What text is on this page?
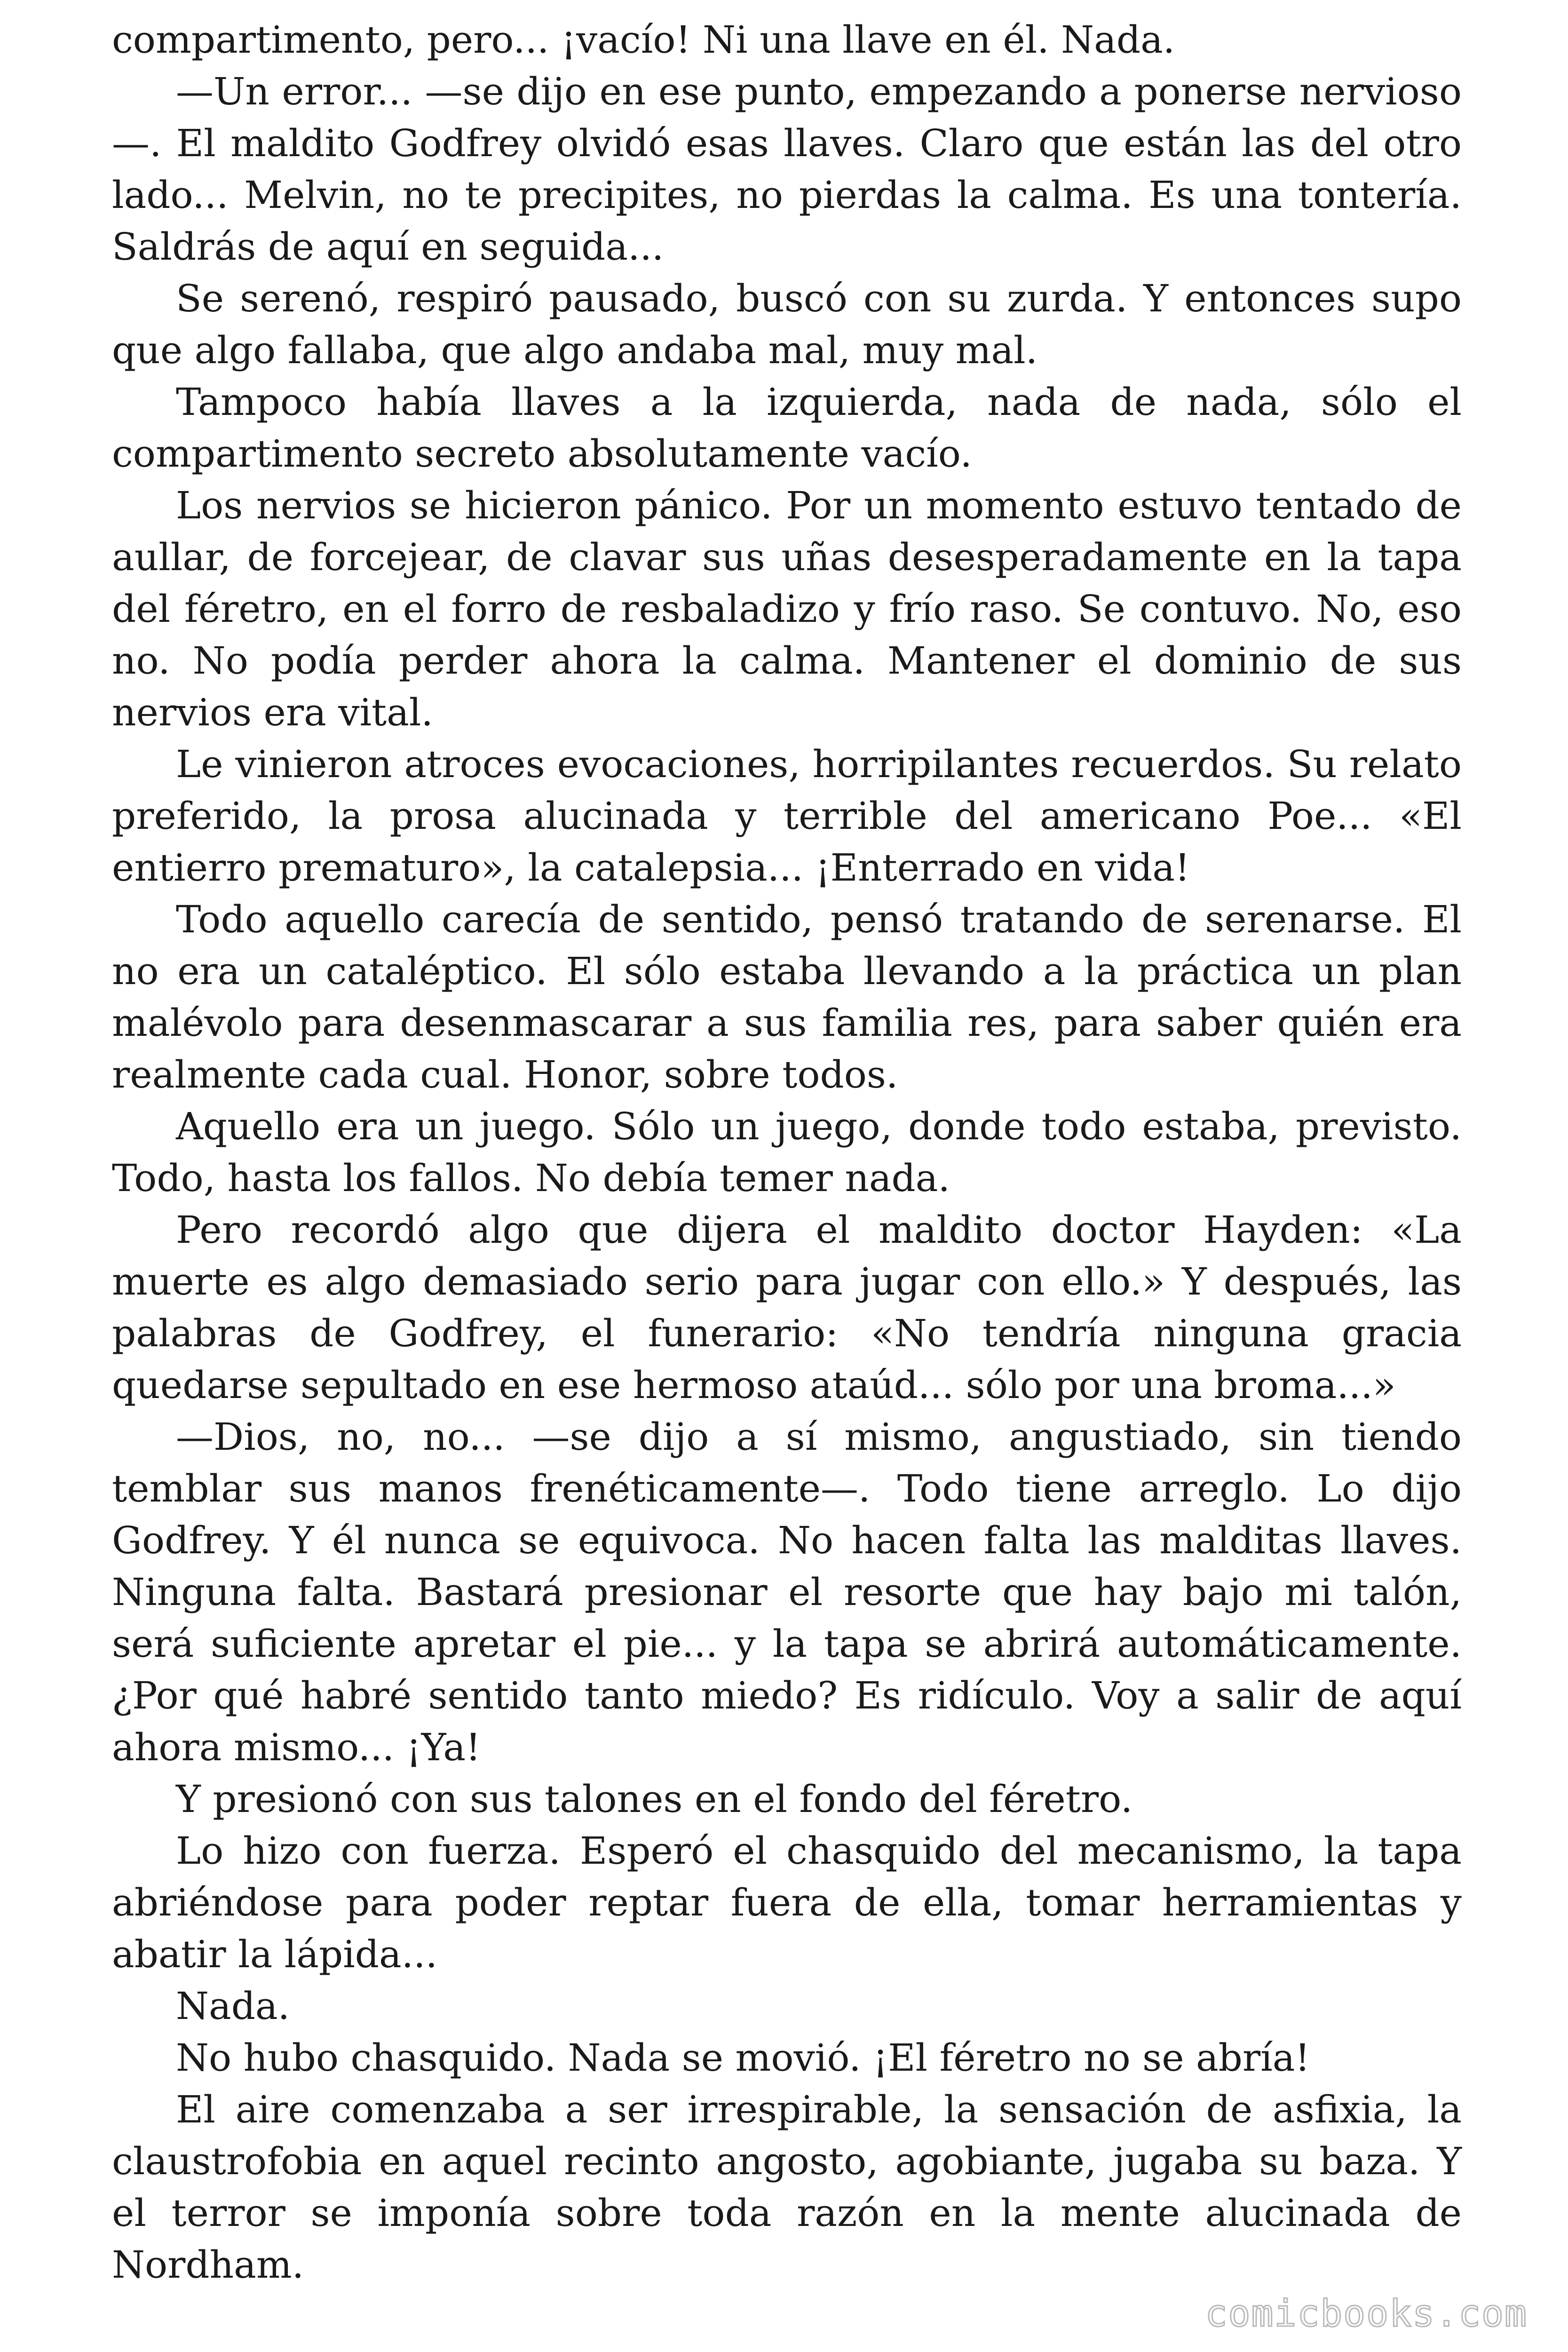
compartimento, pero... ¡vacío! Ni una llave en él. Nada.

—Un error... —se dijo en ese punto, empezando a ponerse nervioso—. El maldito Godfrey olvidó esas llaves. Claro que están las del otro lado... Melvin, no te precipites, no pierdas la calma. Es una tontería. Saldrás de aquí en seguida...

Se serenó, respiró pausado, buscó con su zurda. Y entonces supo que algo fallaba, que algo andaba mal, muy mal.

Tampoco había llaves a la izquierda, nada de nada, sólo el compartimento secreto absolutamente vacío.

Los nervios se hicieron pánico. Por un momento estuvo tentado de aullar, de forcejear, de clavar sus uñas desesperadamente en la tapa del féretro, en el forro de resbaladizo y frío raso. Se contuvo. No, eso no. No podía perder ahora la calma. Mantener el dominio de sus nervios era vital.

Le vinieron atroces evocaciones, horripilantes recuerdos. Su relato preferido, la prosa alucinada y terrible del americano Poe... «El entierro prematuro», la catalepsia... ¡Enterrado en vida!

Todo aquello carecía de sentido, pensó tratando de serenarse. El no era un cataléptico. El sólo estaba llevando a la práctica un plan malévolo para desenmascarar a sus familia res, para saber quién era realmente cada cual. Honor, sobre todos.

Aquello era un juego. Sólo un juego, donde todo estaba, previsto. Todo, hasta los fallos. No debía temer nada.

Pero recordó algo que dijera el maldito doctor Hayden: «La muerte es algo demasiado serio para jugar con ello.» Y después, las palabras de Godfrey, el funerario: «No tendría ninguna gracia quedarse sepultado en ese hermoso ataúd... sólo por una broma...»

—Dios, no, no... —se dijo a sí mismo, angustiado, sin tiendo temblar sus manos frenéticamente—. Todo tiene arreglo. Lo dijo Godfrey. Y él nunca se equivoca. No hacen falta las malditas llaves. Ninguna falta. Bastará presionar el resorte que hay bajo mi talón, será suficiente apretar el pie... y la tapa se abrirá automáticamente. ¿Por qué habré sentido tanto miedo? Es ridículo. Voy a salir de aquí ahora mismo... ¡Ya!

Y presionó con sus talones en el fondo del féretro.

Lo hizo con fuerza. Esperó el chasquido del mecanismo, la tapa abriéndose para poder reptar fuera de ella, tomar herramientas y abatir la lápida...

Nada.

No hubo chasquido. Nada se movió. ¡El féretro no se abría!

El aire comenzaba a ser irrespirable, la sensación de asfixia, la claustrofobia en aquel recinto angosto, agobiante, jugaba su baza. Y el terror se imponía sobre toda razón en la mente alucinada de Nordham.

comicbooks.com
